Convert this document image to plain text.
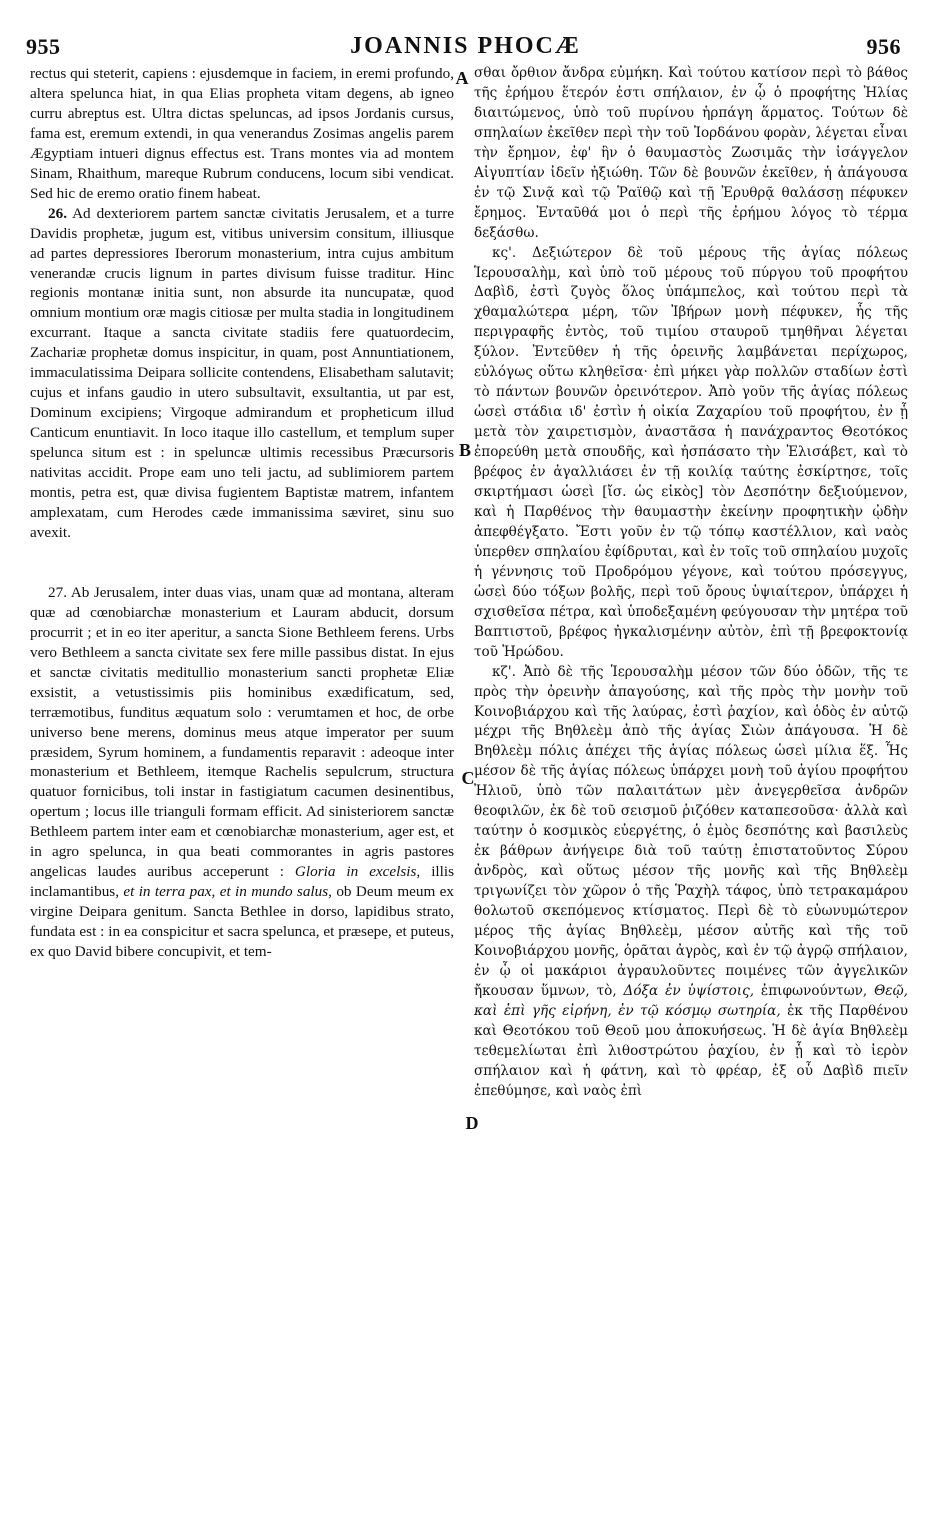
955	JOANNIS PHOCÆ	956
A
B
C
D

rectus qui steterit, capiens : ejusdemque in faciem, in eremi profundo, altera spelunca hiat, in qua Elias propheta vitam degens, ab igneo curru abreptus est. Ultra dictas speluncas, ad ipsos Jordanis cursus, fama est, eremum extendi, in qua venerandus Zosimas angelis parem Ægyptiam intueri dignus effectus est. Trans montes via ad montem Sinam, Rhaithum, mareque Rubrum conducens, locum sibi vendicat. Sed hic de eremo oratio finem habeat.

26. Ad dexteriorem partem sanctæ civitatis Jerusalem, et a turre Davidis prophetæ, jugum est, vitibus universim consitum, illiusque ad partes depressiores Iberorum monasterium, intra cujus ambitum venerandæ crucis lignum in partes divisum fuisse traditur. Hinc regionis montanæ initia sunt, non absurde ita nuncupatæ, quod omnium montium oræ magis citiosæ per multa stadia in longitudinem excurrant. Itaque a sancta civitate stadiis fere quatuordecim, Zachariæ prophetæ domus inspicitur, in quam, post Annuntiationem, immaculatissima Deipara sollicite contendens, Elisabetham salutavit; cujus et infans gaudio in utero subsultavit, exsultantia, ut par est, Dominum excipiens; Virgoque admirandum et propheticum illud Canticum enuntiavit. In loco itaque illo castellum, et templum super spelunca situm est : in speluncæ ultimis recessibus Præcursoris nativitas accidit. Prope eam uno teli jactu, ad sublimiorem partem montis, petra est, quæ divisa fugientem Baptistæ matrem, infantem amplexatam, cum Herodes cæde immanissima sæviret, sinu suo avexit.

27. Ab Jerusalem, inter duas vias, unam quæ ad montana, alteram quæ ad cœnobiarchæ monasterium et Lauram abducit, dorsum procurrit ; et in eo iter aperitur, a sancta Sione Bethleem ferens. Urbs vero Bethleem a sancta civitate sex fere mille passibus distat. In ejus et sanctæ civitatis meditullio monasterium sancti prophetæ Eliæ exsistit, a vetustissimis piis hominibus exædificatum, sed, terræmotibus, funditus æquatum solo : verumtamen et hoc, de orbe universo bene merens, dominus meus atque imperator per suum præsidem, Syrum hominem, a fundamentis reparavit : adeoque inter monasterium et Bethleem, itemque Rachelis sepulcrum, structura quatuor fornicibus, toli instar in fastigiatum cacumen desinentibus, opertum ; locus ille trianguli formam efficit. Ad sinisteriorem sanctæ Bethleem partem inter eam et cœnobiarchæ monasterium, ager est, et in agro spelunca, in qua beati commorantes in agris pastores angelicas laudes auribus acceperunt : Gloria in excelsis, illis inclamantibus, et in terra pax, et in mundo salus, ob Deum meum ex virgine Deipara genitum. Sancta Bethlee in dorso, lapidibus strato, fundata est : in ea conspicitur et sacra spelunca, et præsepe, et puteus, ex quo David bibere concupivit, et tem-

σθαι ὄρθιον ἄνδρα εὐμήκη. Καὶ τούτου κατίσον περὶ τὸ βάθος τῆς ἐρήμου ἕτερόν ἐστι σπήλαιον, ἐν ᾧ ὁ προφήτης Ἠλίας διαιτώμενος, ὑπὸ τοῦ πυρίνου ἡρπάγη ἅρματος. Τούτων δὲ σπηλαίων ἐκεῖθεν περὶ τὴν τοῦ Ἰορδάνου φορὰν, λέγεται εἶναι τὴν ἔρημον, ἐφ' ἣν ὁ θαυμαστὸς Ζωσιμᾶς τὴν ἰσάγγελον Αἰγυπτίαν ἰδεῖν ἠξιώθη. Τῶν δὲ βουνῶν ἐκεῖθεν, ἡ ἀπάγουσα ἐν τῷ Σινᾷ καὶ τῷ Ῥαϊθῷ καὶ τῇ Ἐρυθρᾷ θαλάσσῃ πέφυκεν ἔρημος. Ἐνταῦθά μοι ὁ περὶ τῆς ἐρήμου λόγος τὸ τέρμα δεξάσθω.

κς'. Δεξιώτερον δὲ τοῦ μέρους τῆς ἁγίας πόλεως Ἱερουσαλὴμ, καὶ ὑπὸ τοῦ μέρους τοῦ πύργου τοῦ προφήτου Δαβὶδ, ἐστὶ ζυγὸς ὅλος ὑπάμπελος, καὶ τούτου περὶ τὰ χθαμαλώτερα μέρη, τῶν Ἰβήρων μονὴ πέφυκεν, ἧς τῆς περιγραφῆς ἐντὸς, τοῦ τιμίου σταυροῦ τμηθῆναι λέγεται ξύλον. Ἐντεῦθεν ἡ τῆς ὀρεινῆς λαμβάνεται περίχωρος, εὐλόγως οὕτω κληθεῖσα· ἐπὶ μήκει γὰρ πολλῶν σταδίων ἐστὶ τὸ πάντων βουνῶν ὀρεινότερον. Ἀπὸ γοῦν τῆς ἁγίας πόλεως ὡσεὶ στάδια ιδ' ἐστὶν ἡ οἰκία Ζαχαρίου τοῦ προφήτου, ἐν ᾗ μετὰ τὸν χαιρετισμὸν, ἀναστᾶσα ἡ πανάχραντος Θεοτόκος ἐπορεύθη μετὰ σπουδῆς, καὶ ἠσπάσατο τὴν Ἐλισάβετ, καὶ τὸ βρέφος ἐν ἀγαλλιάσει ἐν τῇ κοιλίᾳ ταύτης ἐσκίρτησε, τοῖς σκιρτήμασι ὡσεὶ [ἴσ. ὡς εἰκὸς] τὸν Δεσπότην δεξιούμενον, καὶ ἡ Παρθένος τὴν θαυμαστὴν ἐκείνην προφητικὴν ᾠδὴν ἀπεφθέγξατο. Ἔστι γοῦν ἐν τῷ τόπῳ καστέλλιον, καὶ ναὸς ὑπερθεν σπηλαίου ἐφίδρυται, καὶ ἐν τοῖς τοῦ σπηλαίου μυχοῖς ἡ γέννησις τοῦ Προδρόμου γέγονε, καὶ τούτου πρόσεγγυς, ὡσεὶ δύο τόξων βολῆς, περὶ τοῦ ὄρους ὑψιαίτερον, ὑπάρχει ἡ σχισθεῖσα πέτρα, καὶ ὑποδεξαμένη φεύγουσαν τὴν μητέρα τοῦ Βαπτιστοῦ, βρέφος ἠγκαλισμένην αὐτὸν, ἐπὶ τῇ βρεφοκτονίᾳ τοῦ Ἡρώδου.

κζ'. Ἀπὸ δὲ τῆς Ἱερουσαλὴμ μέσον τῶν δύο ὁδῶν, τῆς τε πρὸς τὴν ὀρεινὴν ἀπαγούσης, καὶ τῆς πρὸς τὴν μονὴν τοῦ Κοινοβιάρχου καὶ τῆς λαύρας, ἐστὶ ῥαχίον, καὶ ὁδὸς ἐν αὐτῷ μέχρι τῆς Βηθλεὲμ ἀπὸ τῆς ἁγίας Σιὼν ἀπάγουσα. Ἡ δὲ Βηθλεὲμ πόλις ἀπέχει τῆς ἁγίας πόλεως ὡσεὶ μίλια ἕξ. Ἧς μέσον δὲ τῆς ἁγίας πόλεως ὑπάρχει μονὴ τοῦ ἁγίου προφήτου Ἠλιοῦ, ὑπὸ τῶν παλαιτάτων μὲν ἀνεγερθεῖσα ἀνδρῶν θεοφιλῶν, ἐκ δὲ τοῦ σεισμοῦ ῥιζόθεν καταπεσοῦσα· ἀλλὰ καὶ ταύτην ὁ κοσμικὸς εὐεργέτης, ὁ ἐμὸς δεσπότης καὶ βασιλεὺς ἐκ βάθρων ἀνήγειρε διὰ τοῦ ταύτῃ ἐπιστατοῦντος Σύρου ἀνδρὸς, καὶ οὕτως μέσον τῆς μονῆς καὶ τῆς Βηθλεὲμ τριγωνίζει τὸν χῶρον ὁ τῆς Ῥαχὴλ τάφος, ὑπὸ τετρακαμάρου θολωτοῦ σκεπόμενος κτίσματος. Περὶ δὲ τὸ εὐωνυμώτερον μέρος τῆς ἁγίας Βηθλεὲμ, μέσον αὐτῆς καὶ τῆς τοῦ Κοινοβιάρχου μονῆς, ὁρᾶται ἀγρὸς, καὶ ἐν τῷ ἀγρῷ σπήλαιον, ἐν ᾧ οἱ μακάριοι ἀγραυλοῦντες ποιμένες τῶν ἀγγελικῶν ἤκουσαν ὕμνων, τὸ, Δόξα ἐν ὑψίστοις, ἐπιφωνούντων, Θεῷ, καὶ ἐπὶ γῆς εἰρήνη, ἐν τῷ κόσμῳ σωτηρία, ἐκ τῆς Παρθένου καὶ Θεοτόκου τοῦ Θεοῦ μου ἀποκυήσεως. Ἡ δὲ ἁγία Βηθλεὲμ τεθεμελίωται ἐπὶ λιθοστρώτου ῥαχίου, ἐν ᾗ καὶ τὸ ἱερὸν σπήλαιον καὶ ἡ φάτνη, καὶ τὸ φρέαρ, ἐξ οὗ Δαβὶδ πιεῖν ἐπεθύμησε, καὶ ναὸς ἐπὶ
